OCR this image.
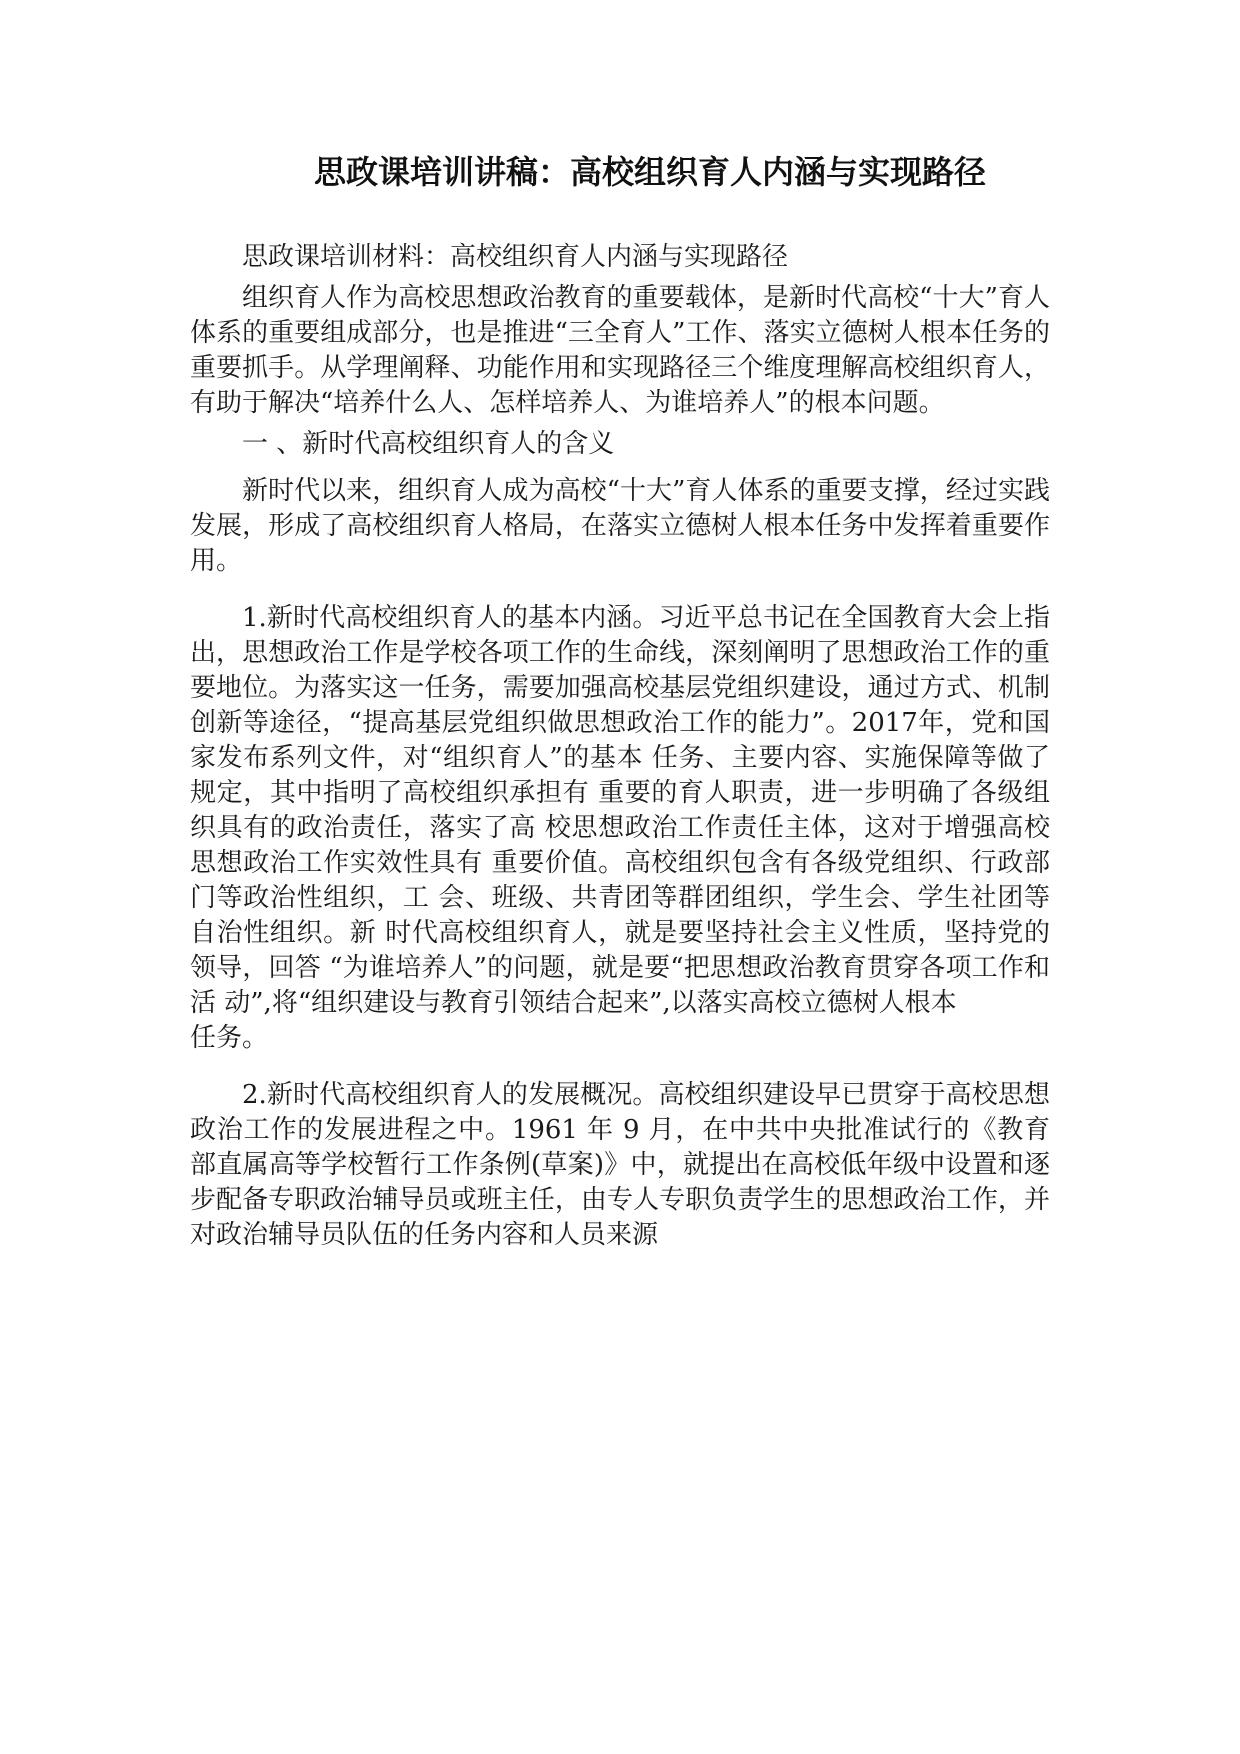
思政课培训讲稿：高校组织育人内涵与实现路径

思政课培训材料：高校组织育人内涵与实现路径

组织育人作为高校思想政治教育的重要载体，是新时代高校“十大”育人体系的重要组成部分，也是推进“三全育人”工作、落实立德树人根本任务的重要抓手。从学理阐释、功能作用和实现路径三个维度理解高校组织育人，有助于解决“培养什么人、怎样培养人、为谁培养人”的根本问题。

一 、新时代高校组织育人的含义

新时代以来，组织育人成为高校“十大”育人体系的重要支撑，经过实践发展，形成了高校组织育人格局，在落实立德树人根本任务中发挥着重要作用。

1.新时代高校组织育人的基本内涵。习近平总书记在全国教育大会上指出，思想政治工作是学校各项工作的生命线，深刻阐明了思想政治工作的重要地位。为落实这一任务，需要加强高校基层党组织建设，通过方式、机制创新等途径，“提高基层党组织做思想政治工作的能力”。2017年，党和国家发布系列文件，对“组织育人”的基本 任务、主要内容、实施保障等做了规定，其中指明了高校组织承担有 重要的育人职责，进一步明确了各级组织具有的政治责任，落实了高 校思想政治工作责任主体，这对于增强高校思想政治工作实效性具有 重要价值。高校组织包含有各级党组织、行政部门等政治性组织，工 会、班级、共青团等群团组织，学生会、学生社团等自治性组织。新 时代高校组织育人，就是要坚持社会主义性质，坚持党的领导，回答 “为谁培养人”的问题，就是要“把思想政治教育贯穿各项工作和活 动”,将“组织建设与教育引领结合起来”,以落实高校立德树人根本

任务。

2.新时代高校组织育人的发展概况。高校组织建设早已贯穿于高校思想政治工作的发展进程之中。1961 年 9 月，在中共中央批准试行的《教育部直属高等学校暂行工作条例(草案)》中，就提出在高校低年级中设置和逐步配备专职政治辅导员或班主任，由专人专职负责学生的思想政治工作，并对政治辅导员队伍的任务内容和人员来源
